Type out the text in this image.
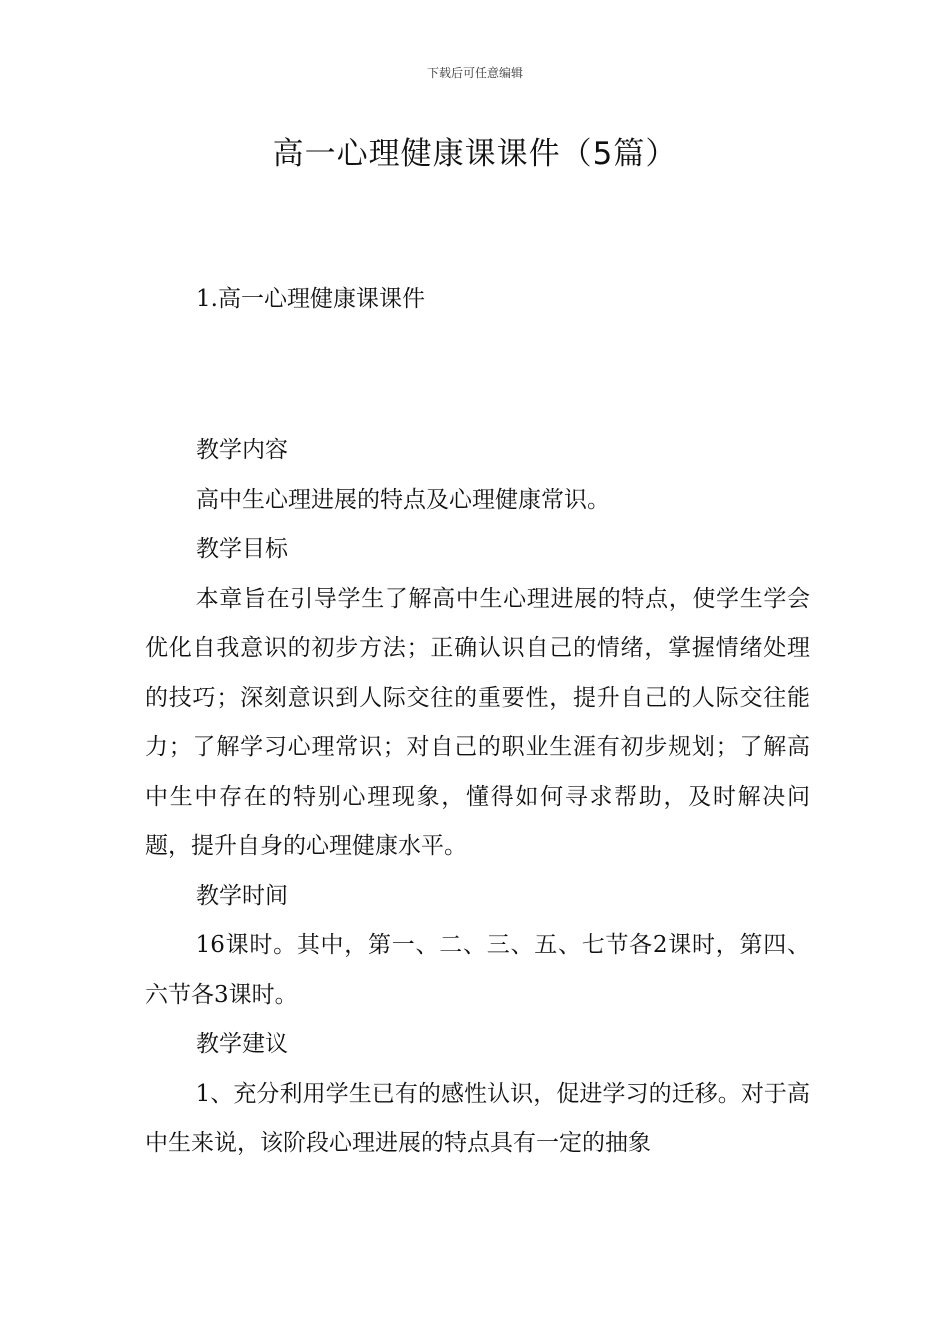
下载后可任意编辑
高一心理健康课课件（5篇）
1.高一心理健康课课件

教学内容

高中生心理进展的特点及心理健康常识。

教学目标

本章旨在引导学生了解高中生心理进展的特点，使学生学会优化自我意识的初步方法；正确认识自己的情绪，掌握情绪处理的技巧；深刻意识到人际交往的重要性，提升自己的人际交往能力；了解学习心理常识；对自己的职业生涯有初步规划；了解高中生中存在的特别心理现象，懂得如何寻求帮助，及时解决问题，提升自身的心理健康水平。

教学时间

16课时。其中，第一、二、三、五、七节各2课时，第四、六节各3课时。

教学建议

1、充分利用学生已有的感性认识，促进学习的迁移。对于高中生来说，该阶段心理进展的特点具有一定的抽象
